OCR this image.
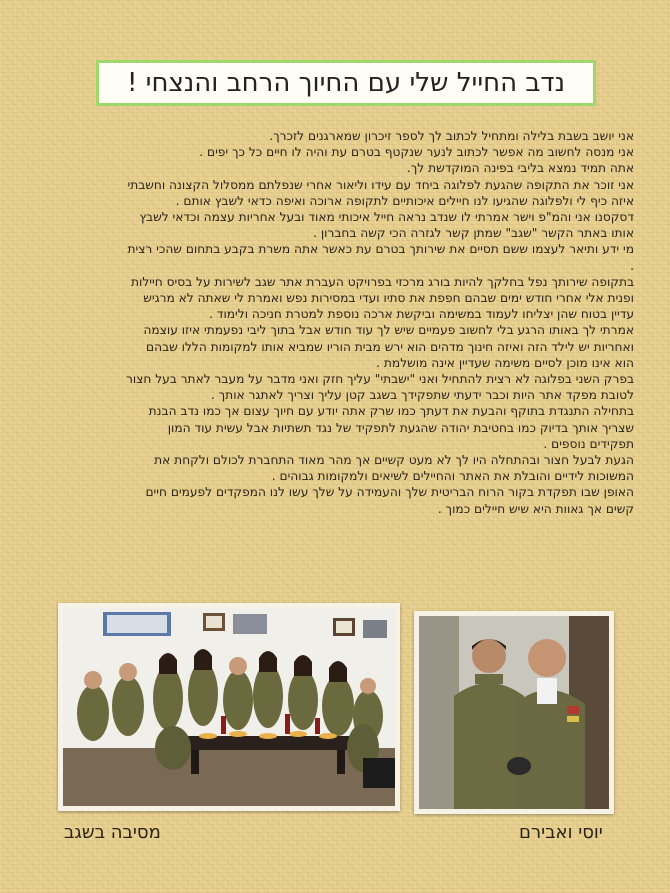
נדב החייל שלי עם החיוך הרחב והנצחי !

אני יושב בשבת בלילה ומתחיל לכתוב לך לספר זיכרון שמארגנים לזכרך.

אני מנסה לחשוב מה אפשר לכתוב לנער שנקטף בטרם עת והיה לו חיים כל כך יפים .

אתה תמיד נמצא בליבי בפינה המוקדשת לך.

אני זוכר את התקופה שהגעת לפלוגה ביחד עם עידו וליאור אחרי שנפלתם ממסלול הקצונה וחשבתי

איזה כיף לי ולפלוגה שהגיעו לנו חיילים איכותיים לתקופה ארוכה ואיפה כדאי לשבץ אותם .

דסקסנו אני והמ"פ וישר אמרתי לו שנדב נראה חייל איכותי מאוד ובעל אחריות עצמה וכדאי לשבץ

אותו באתר הקשר "שגב" שמתן קשר לגזרה הכי קשה בחברון .

מי ידע ותיאר לעצמו ששם תסיים את שירותך בטרם עת כאשר אתה משרת בקבע בתחום שהכי רצית

.

בתקופה שירותך נפל בחלקך להיות בורג מרכזי בפרויקט העברת אתר שגב לשירות על בסיס חיילות

ופנית אלי אחרי חודש ימים שבהם חפפת את סתיו ועדי במסירות נפש ואמרת לי שאתה לא מרגיש

עדיין בטוח שהן יצליחו לעמוד במשימה וביקשת ארכה נוספת למטרת חניכה ולימוד .

אמרתי לך באותו הרגע בלי לחשוב פעמיים שיש לך עוד חודש אבל בתוך ליבי נפעמתי איזו עוצמה

ואחריות יש לילד הזה ואיזה חינוך מדהים הוא ירש מבית הוריו שמביא אותו למקומות הללו שבהם

הוא אינו מוכן לסיים משימה שעדיין אינה מושלמת .

בפרק השני בפלוגה לא רצית להתחיל ואני "ישבתי" עליך חזק ואני מדבר על מעבר לאתר בעל חצור

לטובת מפקד אתר היות וכבר ידעתי שתפקידך בשגב קטן עליך וצריך לאתגר אותך .

בתחילה התנגדת בתוקף והבעת את דעתך כמו שרק אתה יודע עם חיוך עצום אך כמו נדב הבנת

שצריך אותך בדיוק כמו בחטיבת יהודה שהגעת לתפקיד של נגד תשתיות אבל עשית עוד המון

תפקידים נוספים .

הגעת לבעל חצור ובהתחלה היו לך לא מעט קשיים אך מהר מאוד התחברת לכולם ולקחת את

המשוכות לידיים והובלת את האתר והחיילים לשיאים ולמקומות גבוהים .

האופן שבו תפקדת בקור הרוח הבריטית שלך והעמידה על שלך עשו לנו המפקדים לפעמים חיים

קשים אך גאוות היא שיש חיילים כמוך .

מסיבה בשגב	יוסי ואבירם
